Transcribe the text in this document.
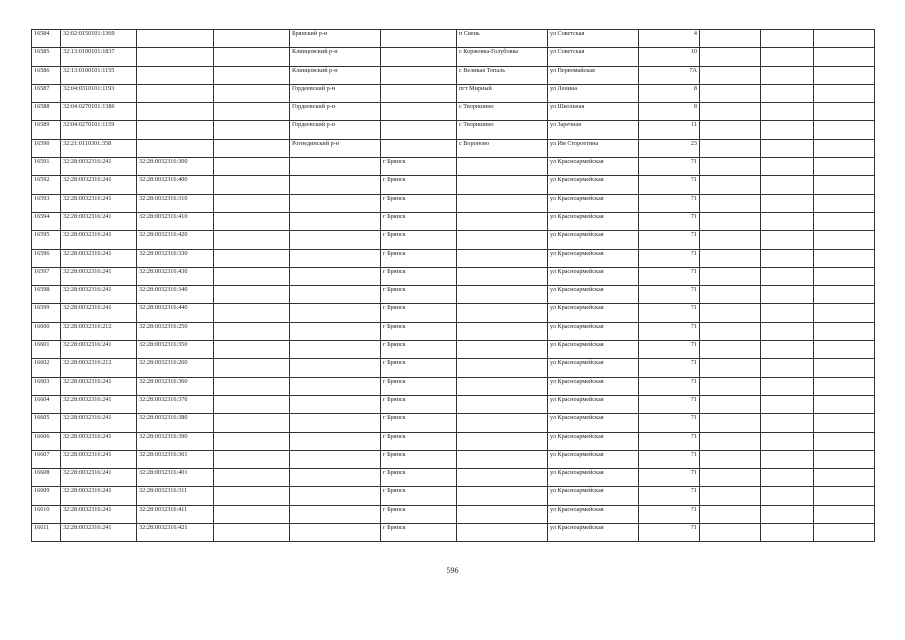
16584	32:02:0150101:1369			Брянский р-н		п Свень	ул Советская	4			
16585	32:13:0100101:1837			Клинцовский р-н		с Коржовка-Голубовка	ул Советская	10			
16586	32:13:0100101:1155			Клинцовский р-н		с Великая Топаль	ул Первомайская	7А			
16587	32:04:0310101:1193			Гордеевский р-н		пгт Мирный	ул Ленина	8			
16588	32:04:0270101:1386			Гордеевский р-н		с Творишино	ул Школьная	8			
16589	32:04:0270101:1159			Гордеевский р-н		с Творишино	ул Заречная	11			
16590	32:21:0110301:358			Рогнединский р-н		с Вороново	ул Им Стороетина	23			
16591	32:28:0032316:241	32:28:0032316:300			г Брянск		ул Красноармейская	71			
16592	32:28:0032316:241	32:28:0032316:400			г Брянск		ул Красноармейская	71			
16593	32:28:0032316:241	32:28:0032316:310			г Брянск		ул Красноармейская	71			
16594	32:28:0032316:241	32:28:0032316:410			г Брянск		ул Красноармейская	71			
16595	32:28:0032316:241	32:28:0032316:420			г Брянск		ул Красноармейская	71			
16596	32:28:0032316:241	32:28:0032316:330			г Брянск		ул Красноармейская	71			
16597	32:28:0032316:241	32:28:0032316:430			г Брянск		ул Красноармейская	71			
16598	32:28:0032316:241	32:28:0032316:340			г Брянск		ул Красноармейская	71			
16599	32:28:0032316:241	32:28:0032316:440			г Брянск		ул Красноармейская	71			
16600	32:28:0032316:212	32:28:0032316:250			г Брянск		ул Красноармейская	71			
16601	32:28:0032316:241	32:28:0032316:350			г Брянск		ул Красноармейская	71			
16602	32:28:0032316:212	32:28:0032316:260			г Брянск		ул Красноармейская	71			
16603	32:28:0032316:241	32:28:0032316:360			г Брянск		ул Красноармейская	71			
16604	32:28:0032316:241	32:28:0032316:370			г Брянск		ул Красноармейская	71			
16605	32:28:0032316:241	32:28:0032316:380			г Брянск		ул Красноармейская	71			
16606	32:28:0032316:241	32:28:0032316:390			г Брянск		ул Красноармейская	71			
16607	32:28:0032316:241	32:28:0032316:301			г Брянск		ул Красноармейская	71			
16608	32:28:0032316:241	32:28:0032316:401			г Брянск		ул Красноармейская	71			
16609	32:28:0032316:241	32:28:0032316:311			г Брянск		ул Красноармейская	71			
16610	32:28:0032316:241	32:28:0032316:411			г Брянск		ул Красноармейская	71			
16611	32:28:0032316:241	32:28:0032316:421			г Брянск		ул Красноармейская	71			
596
